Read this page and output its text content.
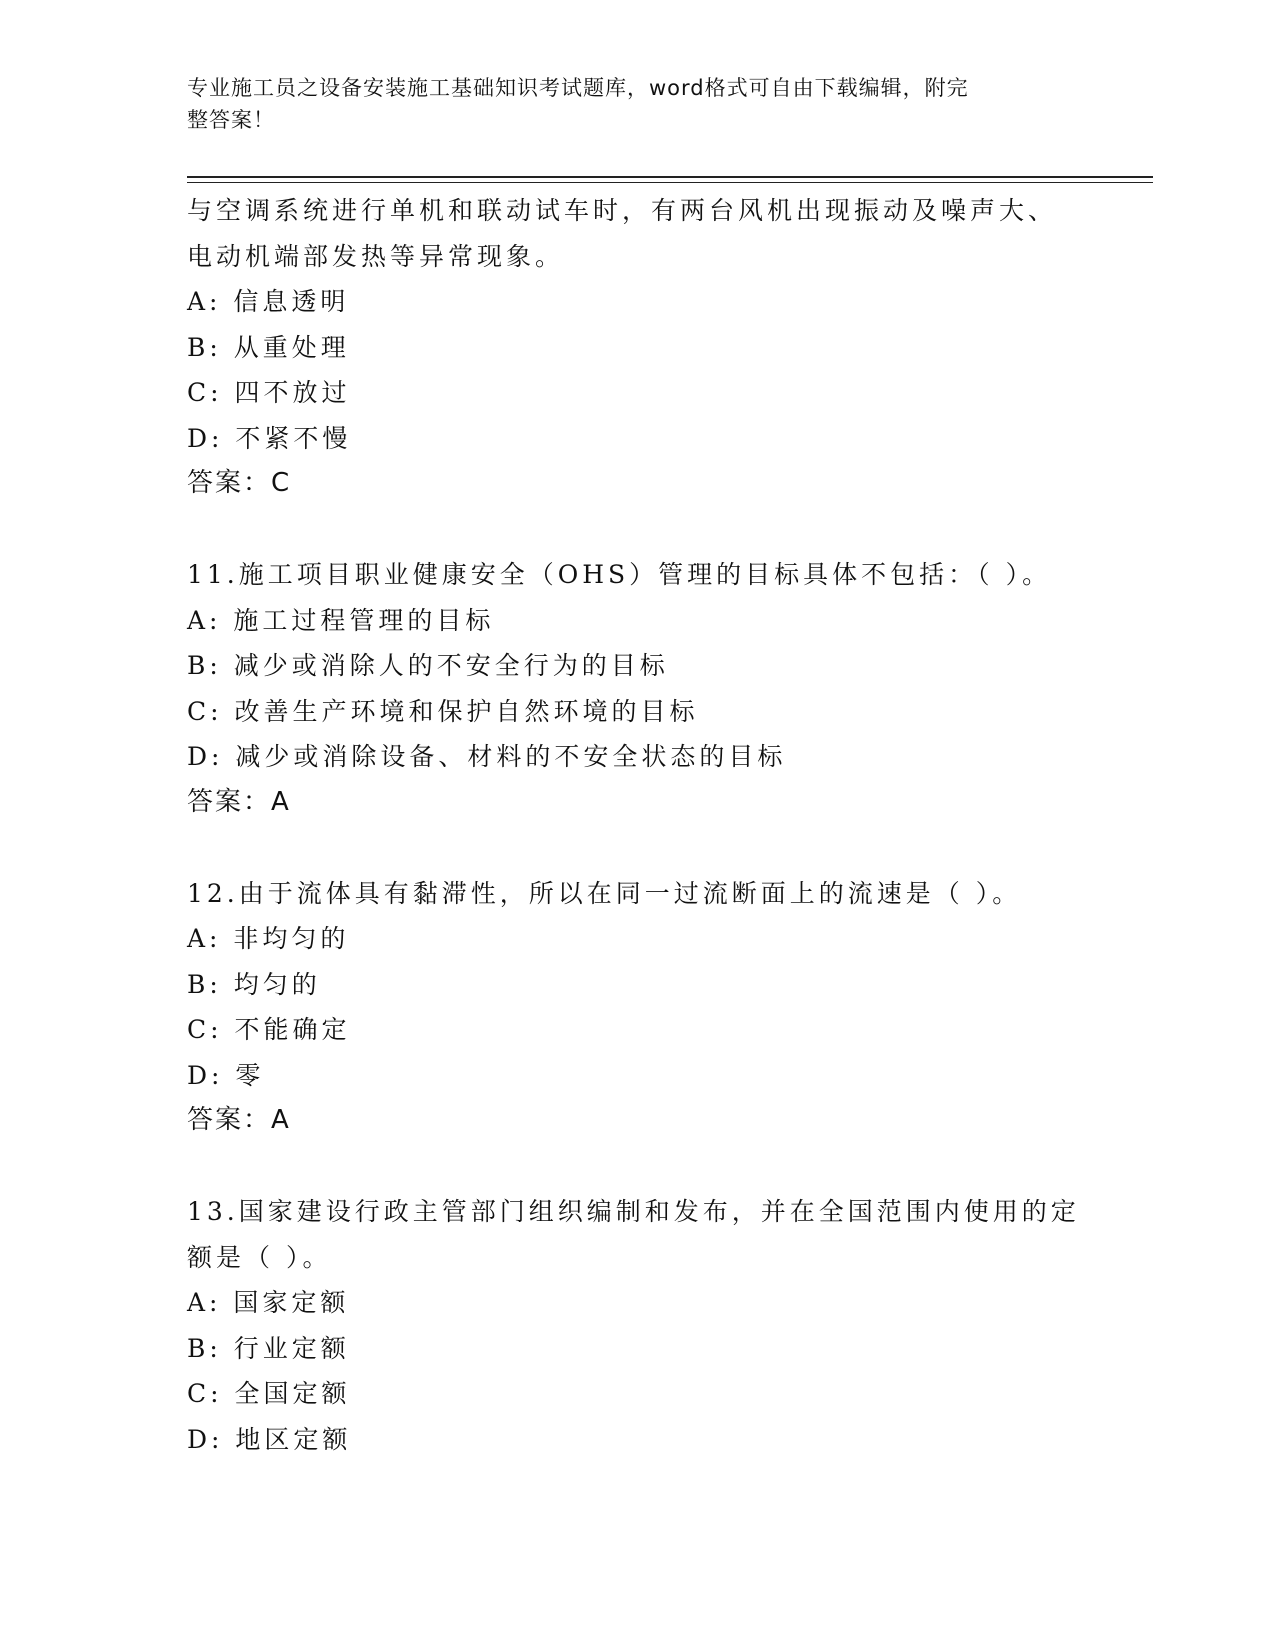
专业施工员之设备安装施工基础知识考试题库，word格式可自由下载编辑，附完
整答案！
与空调系统进行单机和联动试车时，有两台风机出现振动及噪声大、
电动机端部发热等异常现象。
A: 信息透明
B: 从重处理
C: 四不放过
D: 不紧不慢
答案：C
11.施工项目职业健康安全（OHS）管理的目标具体不包括：（ ）。
A: 施工过程管理的目标
B: 减少或消除人的不安全行为的目标
C: 改善生产环境和保护自然环境的目标
D: 减少或消除设备、材料的不安全状态的目标
答案：A
12.由于流体具有黏滞性，所以在同一过流断面上的流速是（ ）。
A: 非均匀的
B: 均匀的
C: 不能确定
D: 零
答案：A
13.国家建设行政主管部门组织编制和发布，并在全国范围内使用的定
额是（ ）。
A: 国家定额
B: 行业定额
C: 全国定额
D: 地区定额
